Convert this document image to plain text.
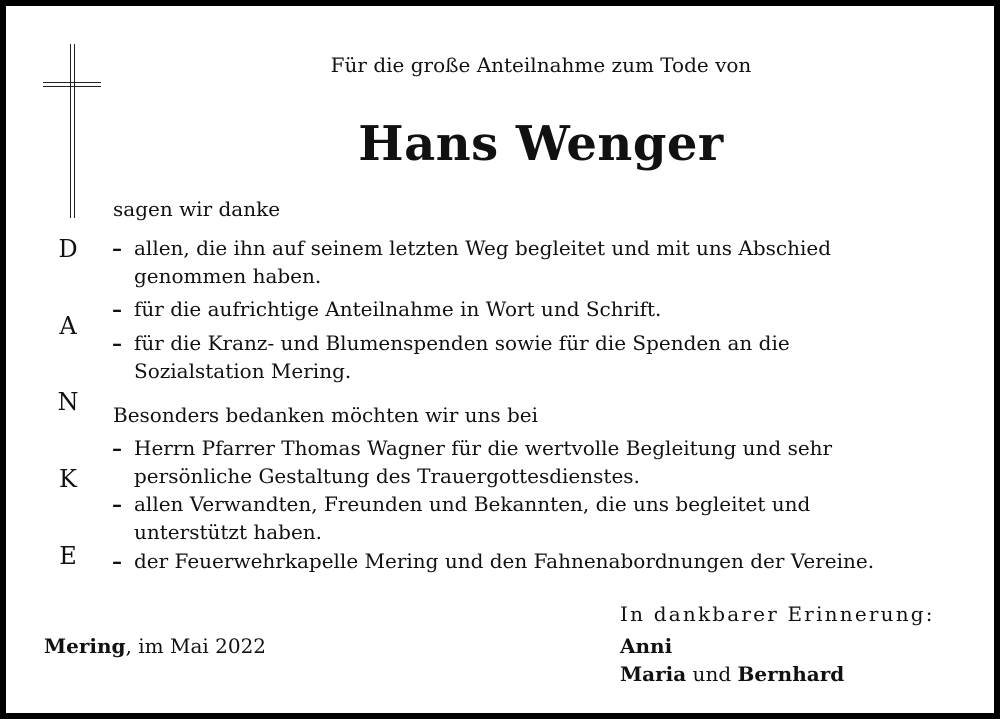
Für die große Anteilnahme zum Tode von
Hans Wenger
sagen wir danke
D
A
N
K
E
– allen, die ihn auf seinem letzten Weg begleitet und mit uns Abschied
genommen haben.
– für die aufrichtige Anteilnahme in Wort und Schrift.
– für die Kranz- und Blumenspenden sowie für die Spenden an die
Sozialstation Mering.
Besonders bedanken möchten wir uns bei
– Herrn Pfarrer Thomas Wagner für die wertvolle Begleitung und sehr
persönliche Gestaltung des Trauergottesdienstes.
– allen Verwandten, Freunden und Bekannten, die uns begleitet und
unterstützt haben.
– der Feuerwehrkapelle Mering und den Fahnenabordnungen der Vereine.
Mering, im Mai 2022
In dankbarer Erinnerung:
Anni
Maria und Bernhard
